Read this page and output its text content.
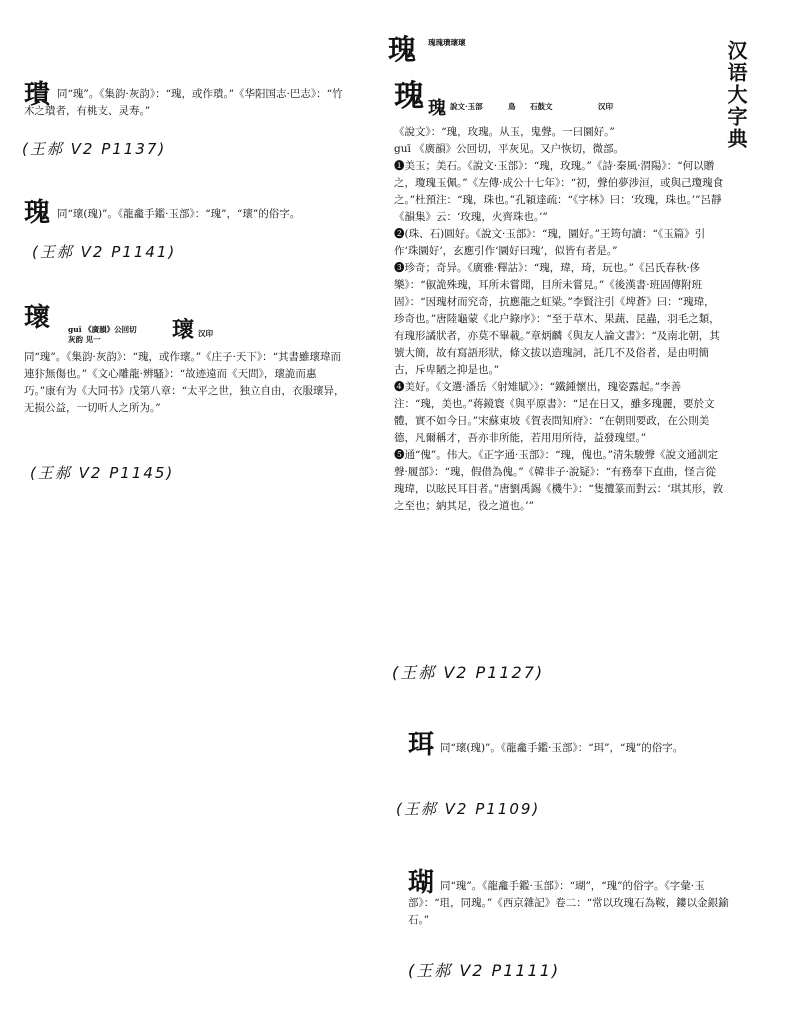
瑰 瑰瑰璝瓌瓌	汉语大字典
璝 同“瑰”。《集韵·灰韵》：“瑰，或作璝。”《华阳国志·巴志》：“竹木之璝者，有桃支、灵寿。”
(王郝 V2 P1137)
瑰 同“瓌(瑰)”。《龍龕手鑑·玉部》：“瑰”，“瓌”的俗字。
(王郝 V2 P1141)
瓌 guī 《廣韻》公回切
灰韵 见一	瓌 汉印
同“瑰”。《集韵·灰韵》：“瑰，或作瓌。”《庄子·天下》：“其書雖瓌瑋而連犿無傷也。”《文心雕龍·辨騷》：“故迹遠而《天問》，瓌詭而惠巧。”康有为《大同书》戊第八章：“太平之世，独立自由，衣服瓌异，无损公益，一切听人之所为。”
(王郝 V2 P1145)
瑰 瑰 說文·玉部	鳥 石鼓文	汉印
《說文》：“瑰，玫瑰。从玉，鬼聲。一曰圜好。”
guī 《廣韻》公回切，平灰见。又户恢切，微部。
❶美玉；美石。《說文·玉部》：“瑰，玫瑰。”《詩·秦風·渭陽》：“何以贈之，瓊瑰玉佩。”《左傳·成公十七年》：“初，聲伯夢涉洹，或與己瓊瑰食之。”杜預注：“瑰，珠也。”孔穎達疏：“《字林》曰：‘玫瑰，珠也。’”呂靜《韻集》云：‘玫瑰，火齊珠也。’”
❷(珠、石)圓好。《說文·玉部》：“瑰，圜好。”王筠句讀：“《玉篇》引作‘珠圜好’，玄應引作‘圜好曰瑰’，似皆有者是。”
❸珍奇；奇异。《廣雅·釋詁》：“瑰，瑋，琦，玩也。”《呂氏春秋·侈樂》：“俶詭殊瑰，耳所未嘗聞，目所未嘗見。”《後漢書·班固傳附班固》：“因瑰材而究奇，抗應龍之虹梁。”李賢注引《埤蒼》曰：“瑰瑋，珍奇也。”唐陸龜蒙《北户錄序》：“至于草木、果蔬、昆蟲，羽毛之類，有瑰形譎狀者，亦莫不畢載。”章炳麟《與友人論文書》：“及南北朝，其號大簡，故有寫語形狀，條文拔以造瑰詞，託几不及俗者，是由明簡古，斥卑陋之抑是也。”
❹美好。《文選·潘岳〈射雉賦〉》：“鐵鍾懷出，瑰姿露起。”李善注：“瑰，美也。”蒋鏡寰《與平原書》：“足在日又，雖多瑰麗，要於文體，實不如今日。”宋蘇東坡《賀表問知府》：“在朝則要政，在公則美德，凡爾稱才，吾亦非所能，若用用所待，益發瑰望。”
❺通“傀”。伟大。《正字通·玉部》：“瑰，傀也。”清朱駿聲《說文通訓定聲·履部》：“瑰，假借為傀。”《韓非子·說疑》：“有務奉下直曲，怪言從瑰瑋，以眩民耳目者。”唐劉禹錫《機牛》：“隻攬篆而對云：‘琪其形，敦之至也；納其足，役之道也。’”
(王郝 V2 P1127)
珥 同“瓌(瑰)”。《龍龕手鑑·玉部》：“珥”，“瑰”的俗字。
(王郝 V2 P1109)
瑚 同“瑰”。《龍龕手鑑·玉部》：“瑚”，“瑰”的俗字。《字彙·玉部》：“珇，同瑰。”《西京雜記》卷二：“常以玫瑰石為鞍，鏤以金銀鍮石。”
(王郝 V2 P1111)
